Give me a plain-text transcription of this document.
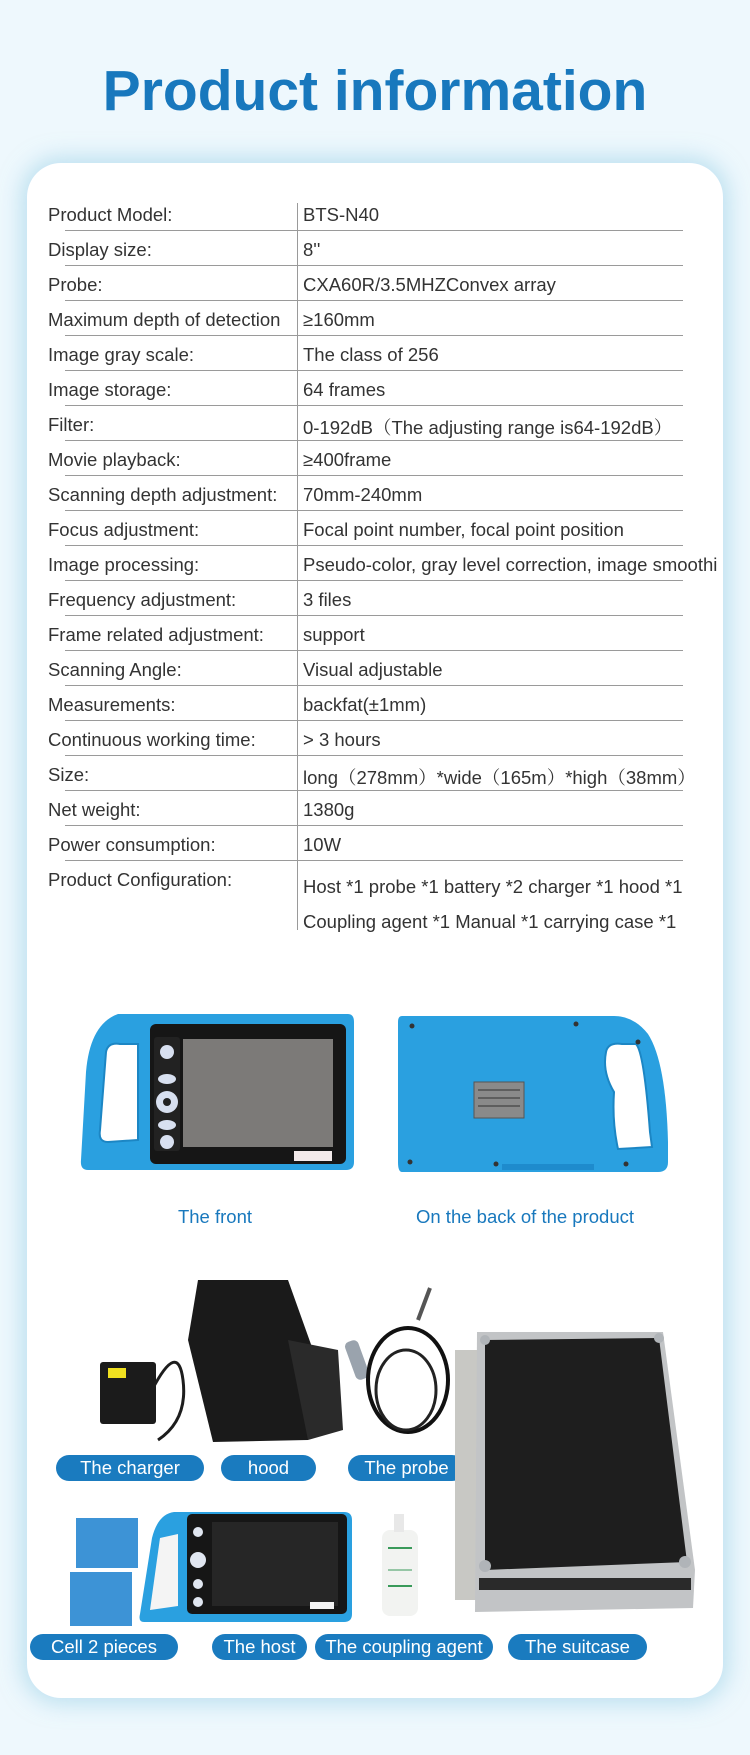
Product information
Product Model:	BTS-N40
Display size:	8''
Probe:	CXA60R/3.5MHZConvex array
Maximum depth of detection ≥160mm
Image gray scale:	The class of 256
Image storage:	64 frames
Filter:	0-192dB（The adjusting range is64-192dB）
Movie playback:	≥400frame
Scanning depth adjustment: 70mm-240mm
Focus adjustment:	Focal point number, focal point position
Image processing:	Pseudo-color, gray level correction, image smoothi
Frequency adjustment:	3 files
Frame related adjustment: support
Scanning Angle:	Visual adjustable
Measurements:	backfat(±1mm)
Continuous working time:	> 3 hours
Size:	long（278mm）*wide（165m）*high（38mm）
Net weight:	1380g
Power consumption:	10W
Product Configuration:	Host *1 probe *1 battery *2 charger *1 hood *1
Coupling agent *1 Manual *1 carrying case *1
The front	On the back of the product
The charger	hood	The probe
Cell 2 pieces	The host	The coupling agent	The suitcase
